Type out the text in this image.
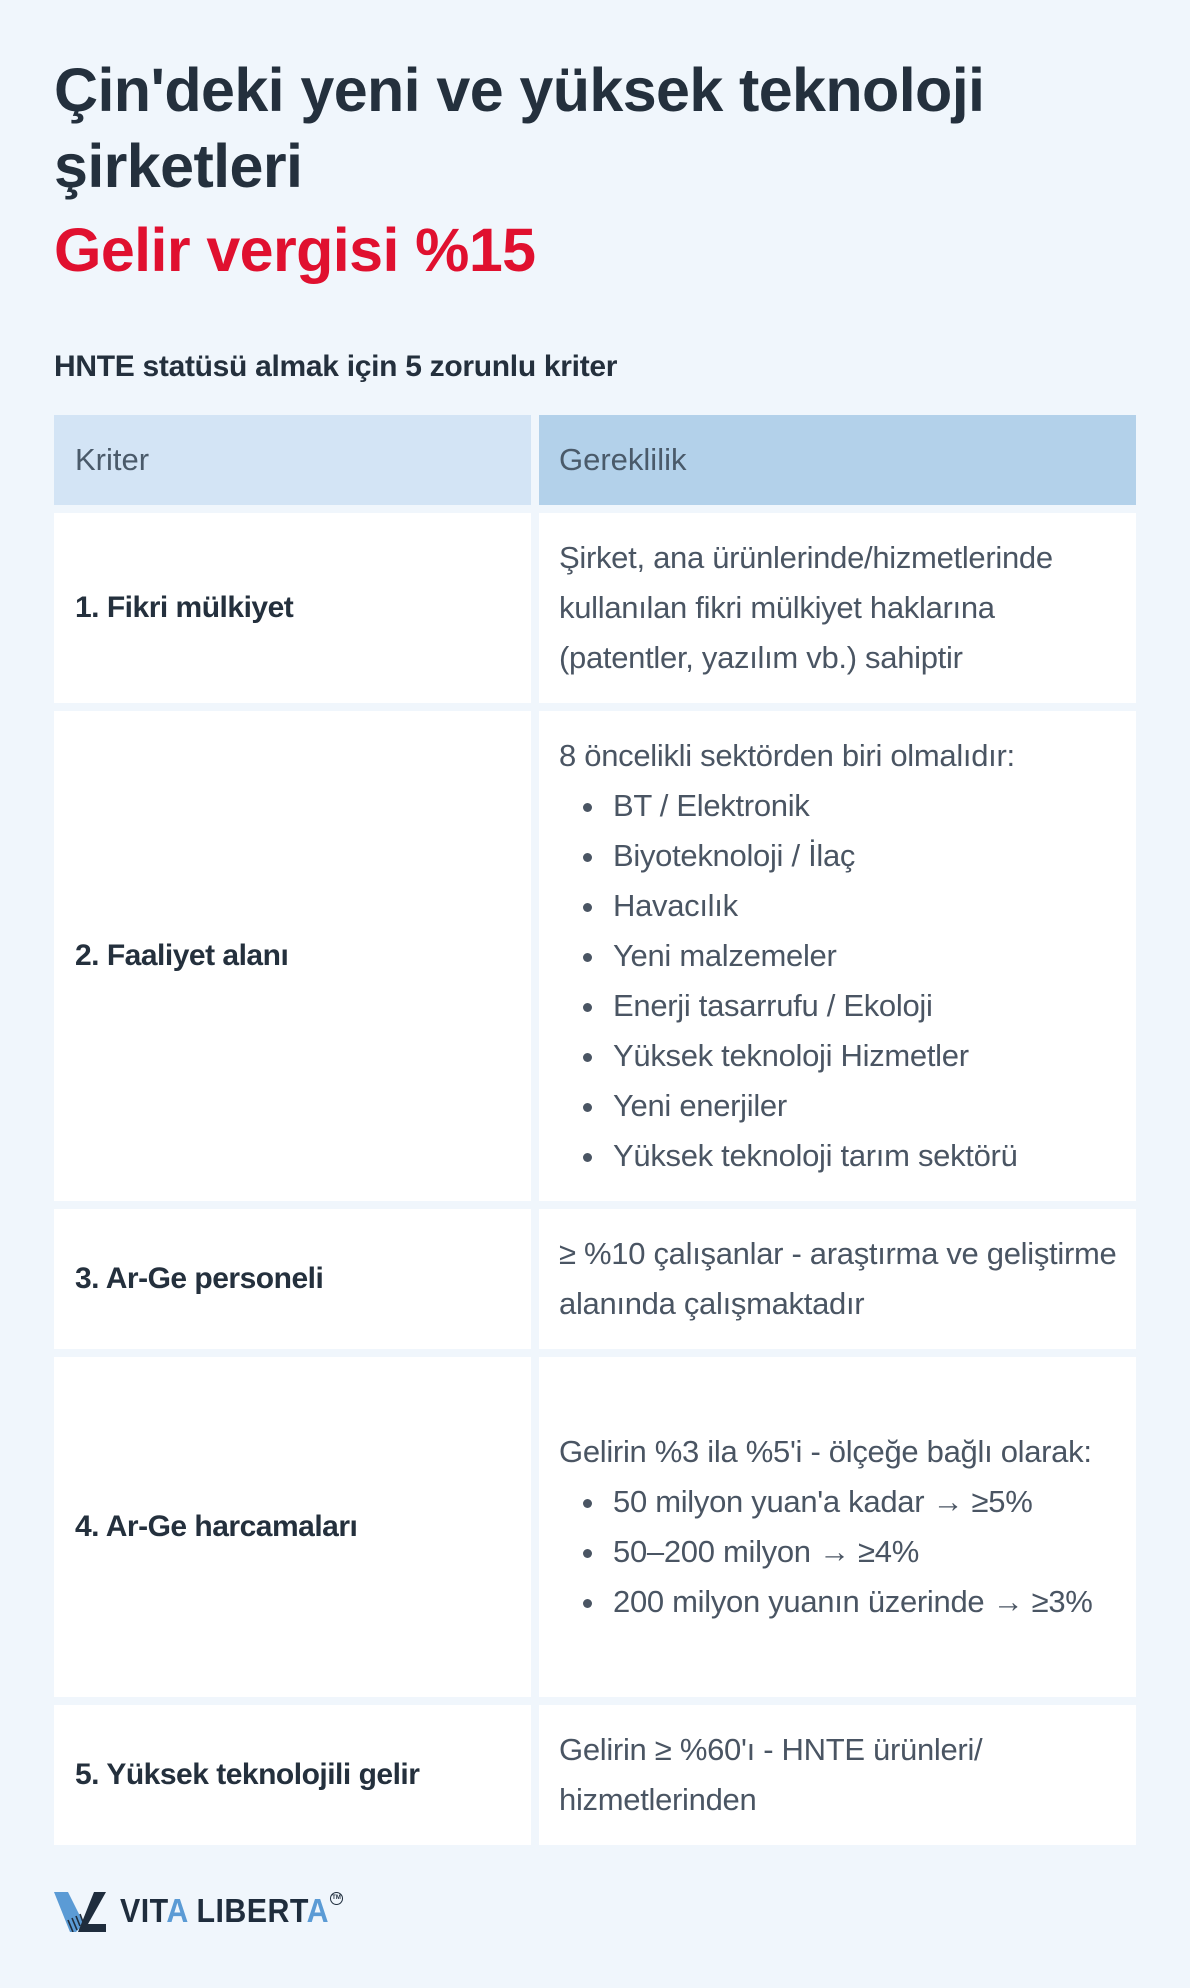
Çin'deki yeni ve yüksek teknoloji
şirketleri
Gelir vergisi %15
HNTE statüsü almak için 5 zorunlu kriter
Kriter	Gereklilik
1. Fikri mülkiyet

Şirket, ana ürünlerinde/hizmetlerinde kullanılan fikri mülkiyet haklarına (patentler, yazılım vb.) sahiptir

2. Faaliyet alanı

8 öncelikli sektörden biri olmalıdır:

BT / Elektronik
Biyoteknoloji / İlaç
Havacılık
Yeni malzemeler
Enerji tasarrufu / Ekoloji
Yüksek teknoloji Hizmetler
Yeni enerjiler
Yüksek teknoloji tarım sektörü
3. Ar-Ge personeli

≥ %10 çalışanlar - araştırma ve geliştirme alanında çalışmaktadır

4. Ar-Ge harcamaları

Gelirin %3 ila %5'i - ölçeğe bağlı olarak:

50 milyon yuan'a kadar → ≥5%
50–200 milyon → ≥4%
200 milyon yuanın üzerinde → ≥3%
5. Yüksek teknolojili gelir

Gelirin ≥ %60'ı - HNTE ürünleri/ hizmetlerinden

VITA LIBERTA TM
